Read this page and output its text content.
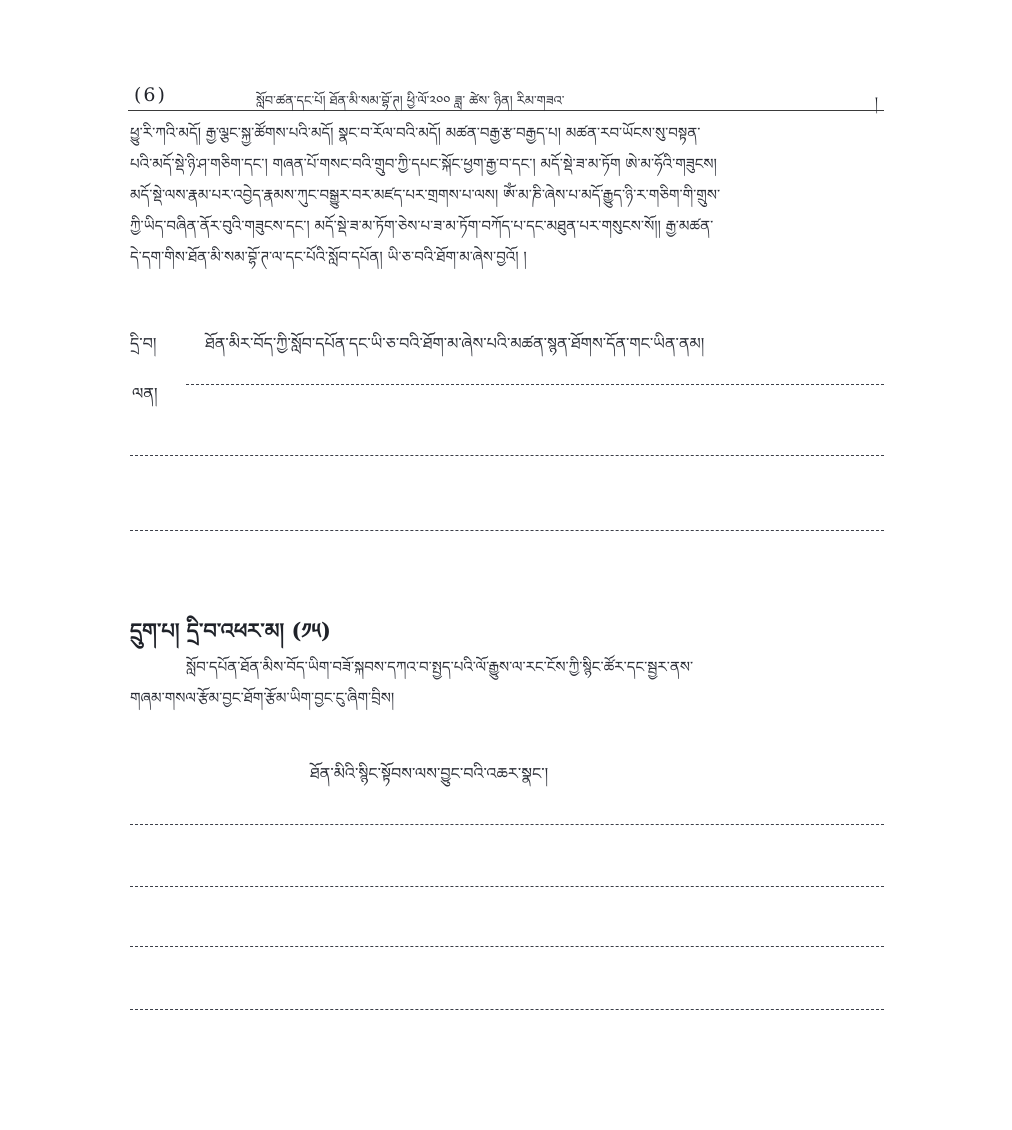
(6)	སློབ་ཚན་དང་པོ། ཐོན་མི་སམ་བྷོ་ཊ། ཕྱི་ལོ་༢༠༠ ཟླ་ ཚེས་ ཉིན། རིམ་གཟའ་	།
ཕྱུ་རི་ཀའི་མདོ། རྒྱ་ལྕང་སྐྱ་ཚོགས་པའི་མདོ། སྣང་བ་རོལ་བའི་མདོ། མཚན་བརྒྱ་རྩ་བརྒྱད་པ། མཚན་རབ་ཡོངས་སུ་བསྟན་
པའི་མདོ་སྡེ་ཉི་ཤ་གཅིག་དང་། གཞན་པོ་གསང་བའི་གྲུབ་ཀྱི་དཔང་སྐོང་ཕྱག་རྒྱ་བ་དང་། མདོ་སྡེ་ཟ་མ་ཏོག ཨེ་མ་ཧོའི་གཟུངས།
མདོ་སྡེ་ལས་རྣམ་པར་འབྱེད་རྣམས་ཀུང་བསྒྱུར་བར་མཛད་པར་གྲགས་པ་ལས། ཨོཾ་མ་ཎི་ཞེས་པ་མདོ་རྒྱུད་ཉི་ར་གཅིག་གི་གྲུས་
ཀྱི་ཡིད་བཞིན་ནོར་བུའི་གཟུངས་དང་། མདོ་སྡེ་ཟ་མ་ཏོག་ཅེས་པ་ཟ་མ་ཏོག་བཀོད་པ་དང་མཐུན་པར་གསུངས་སོ།། རྒྱ་མཚན་
དེ་དག་གིས་ཐོན་མི་སམ་བྷོ་ཊ་ལ་དང་པོའི་སློབ་དཔོན། ཡི་ཅ་བའི་ཐོག་མ་ཞེས་བྱའོ། །
དྲི་བ།	ཐོན་མིར་བོད་ཀྱི་སློབ་དཔོན་དང་ཡི་ཅ་བའི་ཐོག་མ་ཞེས་པའི་མཚན་སྙན་ཐོགས་དོན་གང་ཡིན་ནམ།
ལན།
དྲུག་པ། དྲི་བ་འཕར་མ། (༡༥)
སློབ་དཔོན་ཐོན་མིས་བོད་ཡིག་བཟོ་སྐབས་དཀའ་བ་སྤྱད་པའི་ལོ་རྒྱུས་ལ་རང་ངོས་ཀྱི་སྙིང་ཚོར་དང་སྦྱར་ནས་
གཞམ་གསལ་རྩོམ་བྱང་ཐོག་རྩོམ་ཡིག་བྱང་ངུ་ཞིག་བྲིས།
ཐོན་མིའི་སྙིང་སྟོབས་ལས་བྱུང་བའི་འཆར་སྣང་།
